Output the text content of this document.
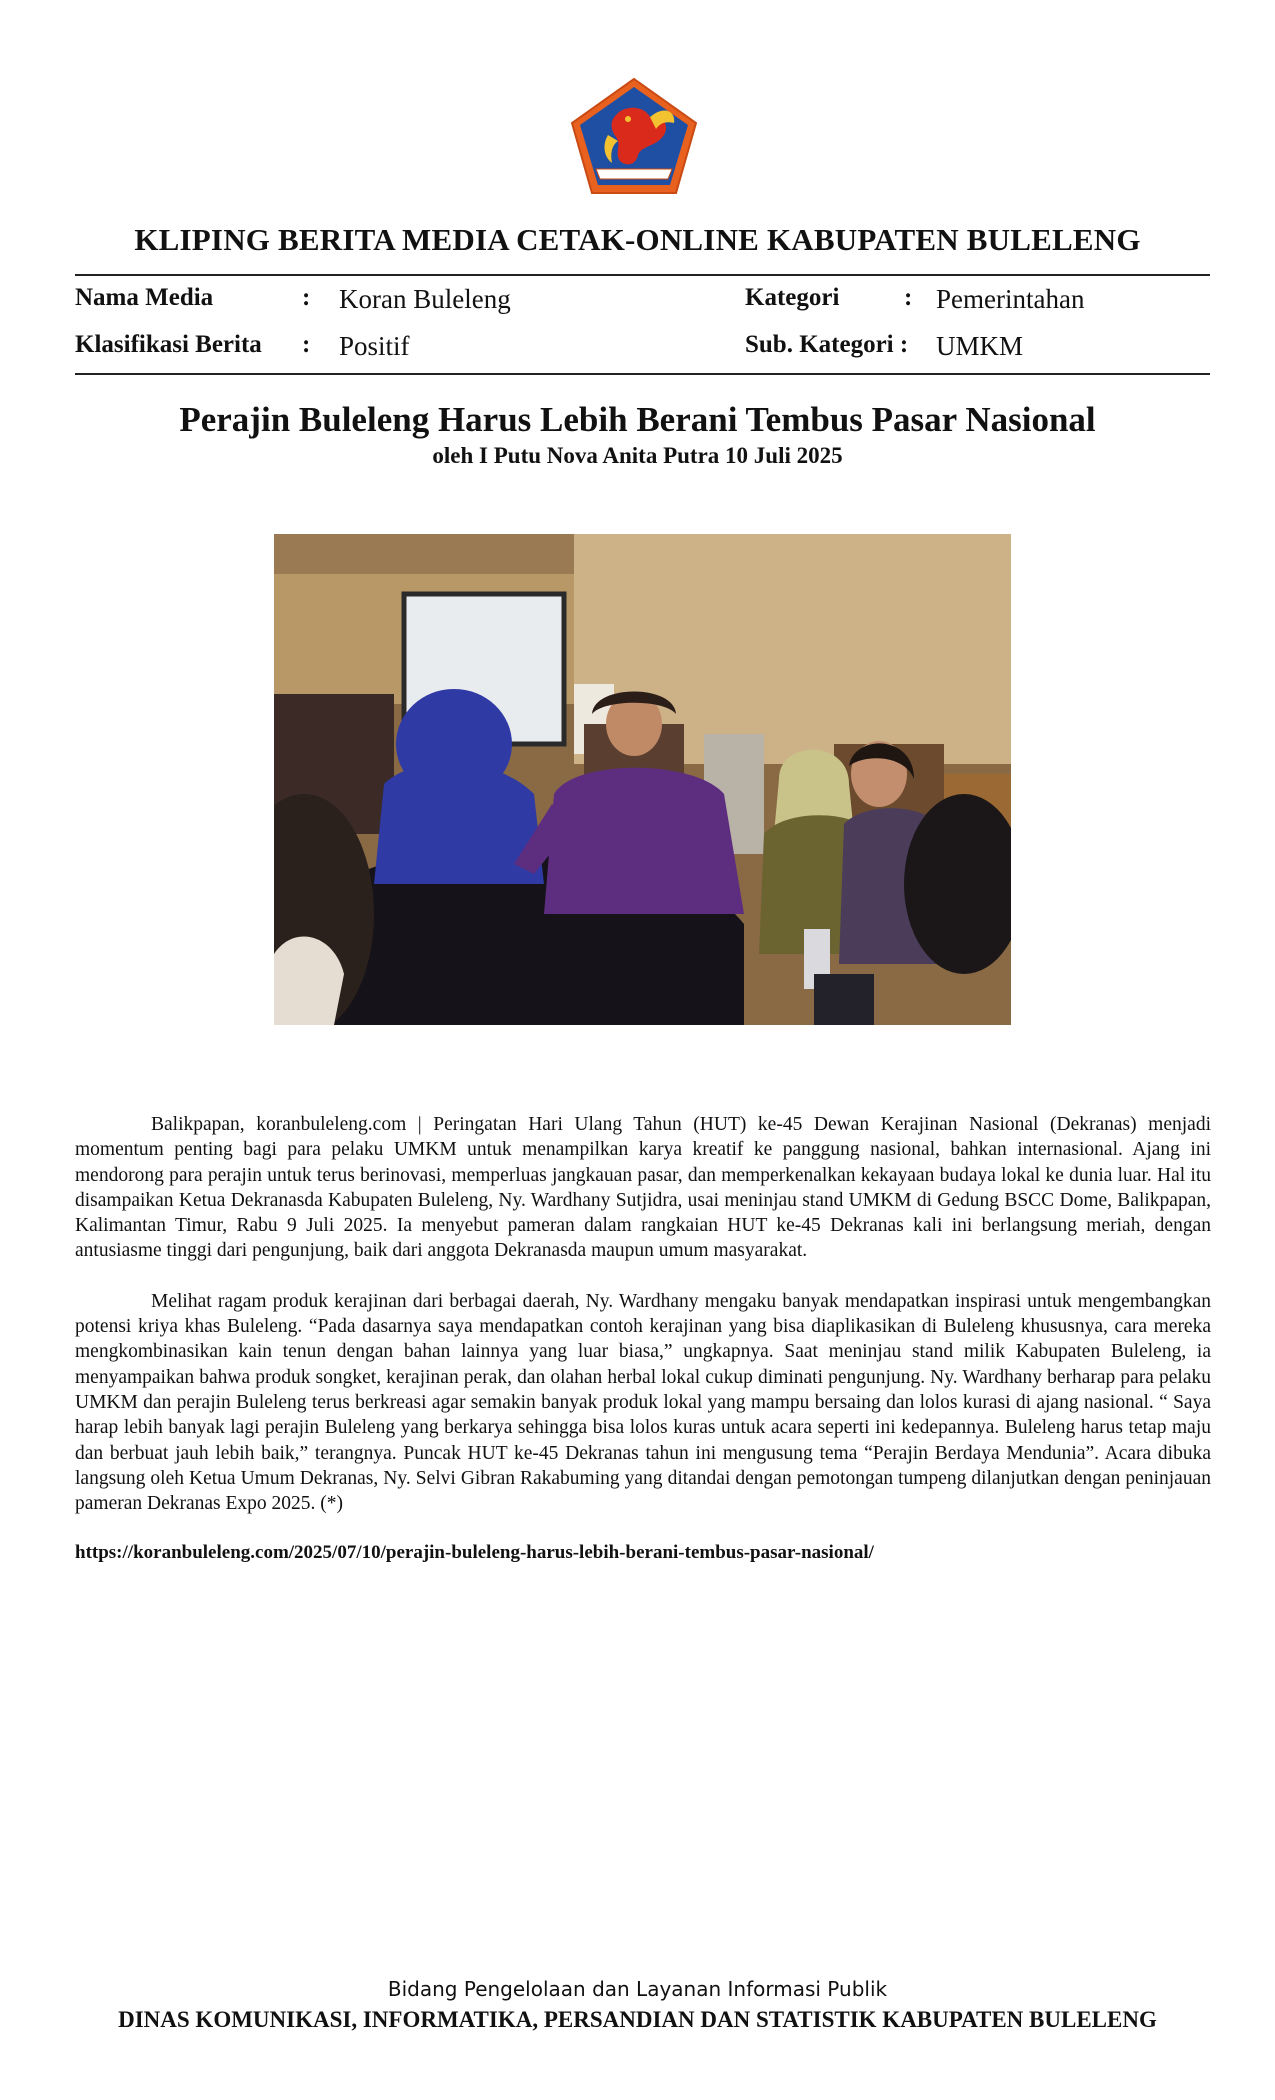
KLIPING BERITA MEDIA CETAK-ONLINE KABUPATEN BULELENG
Nama Media	: Koran Buleleng	Kategori	: Pemerintahan
Klasifikasi Berita : Positif	Sub. Kategori : UMKM
Perajin Buleleng Harus Lebih Berani Tembus Pasar Nasional
oleh I Putu Nova Anita Putra 10 Juli 2025

Balikpapan, koranbuleleng.com | Peringatan Hari Ulang Tahun (HUT) ke-45 Dewan Kerajinan Nasional (Dekranas) menjadi momentum penting bagi para pelaku UMKM untuk menampilkan karya kreatif ke panggung nasional, bahkan internasional. Ajang ini mendorong para perajin untuk terus berinovasi, memperluas jangkauan pasar, dan memperkenalkan kekayaan budaya lokal ke dunia luar. Hal itu disampaikan Ketua Dekranasda Kabupaten Buleleng, Ny. Wardhany Sutjidra, usai meninjau stand UMKM di Gedung BSCC Dome, Balikpapan, Kalimantan Timur, Rabu 9 Juli 2025. Ia menyebut pameran dalam rangkaian HUT ke-45 Dekranas kali ini berlangsung meriah, dengan antusiasme tinggi dari pengunjung, baik dari anggota Dekranasda maupun umum masyarakat.

Melihat ragam produk kerajinan dari berbagai daerah, Ny. Wardhany mengaku banyak mendapatkan inspirasi untuk mengembangkan potensi kriya khas Buleleng. “Pada dasarnya saya mendapatkan contoh kerajinan yang bisa diaplikasikan di Buleleng khususnya, cara mereka mengkombinasikan kain tenun dengan bahan lainnya yang luar biasa,” ungkapnya. Saat meninjau stand milik Kabupaten Buleleng, ia menyampaikan bahwa produk songket, kerajinan perak, dan olahan herbal lokal cukup diminati pengunjung. Ny. Wardhany berharap para pelaku UMKM dan perajin Buleleng terus berkreasi agar semakin banyak produk lokal yang mampu bersaing dan lolos kurasi di ajang nasional. “ Saya harap lebih banyak lagi perajin Buleleng yang berkarya sehingga bisa lolos kuras untuk acara seperti ini kedepannya. Buleleng harus tetap maju dan berbuat jauh lebih baik,” terangnya. Puncak HUT ke-45 Dekranas tahun ini mengusung tema “Perajin Berdaya Mendunia”. Acara dibuka langsung oleh Ketua Umum Dekranas, Ny. Selvi Gibran Rakabuming yang ditandai dengan pemotongan tumpeng dilanjutkan dengan peninjauan pameran Dekranas Expo 2025. (*)

https://koranbuleleng.com/2025/07/10/perajin-buleleng-harus-lebih-berani-tembus-pasar-nasional/
Bidang Pengelolaan dan Layanan Informasi Publik
DINAS KOMUNIKASI, INFORMATIKA, PERSANDIAN DAN STATISTIK KABUPATEN BULELENG
